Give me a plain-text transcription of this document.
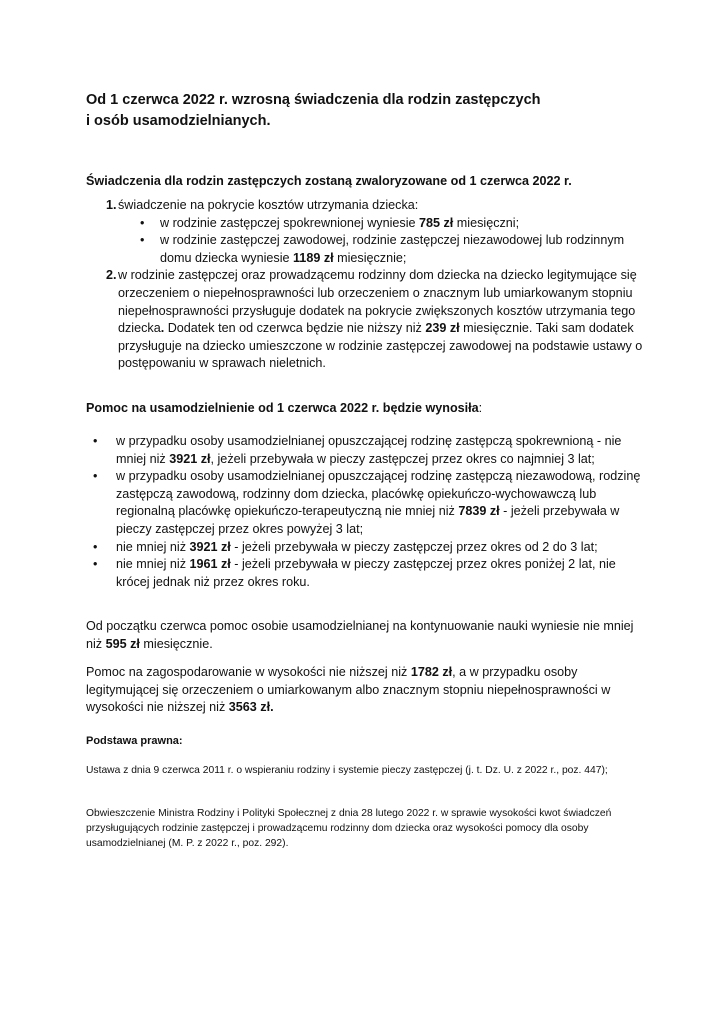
Od 1 czerwca 2022 r. wzrosną świadczenia dla rodzin zastępczych
i osób usamodzielnianych.
Świadczenia dla rodzin zastępczych zostaną zwaloryzowane od 1 czerwca 2022 r.
1. świadczenie na pokrycie kosztów utrzymania dziecka:
• w rodzinie zastępczej spokrewnionej wyniesie 785 zł miesięczni;
• w rodzinie zastępczej zawodowej, rodzinie zastępczej niezawodowej lub rodzinnym domu dziecka wyniesie 1189 zł miesięcznie;
2. w rodzinie zastępczej oraz prowadzącemu rodzinny dom dziecka na dziecko legitymujące się orzeczeniem o niepełnosprawności lub orzeczeniem o znacznym lub umiarkowanym stopniu niepełnosprawności przysługuje dodatek na pokrycie zwiększonych kosztów utrzymania tego dziecka. Dodatek ten od czerwca będzie nie niższy niż 239 zł miesięcznie. Taki sam dodatek przysługuje na dziecko umieszczone w rodzinie zastępczej zawodowej na podstawie ustawy o postępowaniu w sprawach nieletnich.
Pomoc na usamodzielnienie od 1 czerwca 2022 r. będzie wynosiła:
• w przypadku osoby usamodzielnianej opuszczającej rodzinę zastępczą spokrewnioną - nie mniej niż 3921 zł, jeżeli przebywała w pieczy zastępczej przez okres co najmniej 3 lat;
• w przypadku osoby usamodzielnianej opuszczającej rodzinę zastępczą niezawodową, rodzinę zastępczą zawodową, rodzinny dom dziecka, placówkę opiekuńczo-wychowawczą lub regionalną placówkę opiekuńczo-terapeutyczną nie mniej niż 7839 zł - jeżeli przebywała w pieczy zastępczej przez okres powyżej 3 lat;
• nie mniej niż 3921 zł - jeżeli przebywała w pieczy zastępczej przez okres od 2 do 3 lat;
• nie mniej niż 1961 zł - jeżeli przebywała w pieczy zastępczej przez okres poniżej 2 lat, nie krócej jednak niż przez okres roku.

Od początku czerwca pomoc osobie usamodzielnianej na kontynuowanie nauki wyniesie nie mniej niż 595 zł miesięcznie.

Pomoc na zagospodarowanie w wysokości nie niższej niż 1782 zł, a w przypadku osoby legitymującej się orzeczeniem o umiarkowanym albo znacznym stopniu niepełnosprawności w wysokości nie niższej niż 3563 zł.

Podstawa prawna:

Ustawa z dnia 9 czerwca 2011 r. o wspieraniu rodziny i systemie pieczy zastępczej (j. t. Dz. U. z 2022 r., poz. 447);

Obwieszczenie Ministra Rodziny i Polityki Społecznej z dnia 28 lutego 2022 r. w sprawie wysokości kwot świadczeń przysługujących rodzinie zastępczej i prowadzącemu rodzinny dom dziecka oraz wysokości pomocy dla osoby usamodzielnianej (M. P. z 2022 r., poz. 292).
